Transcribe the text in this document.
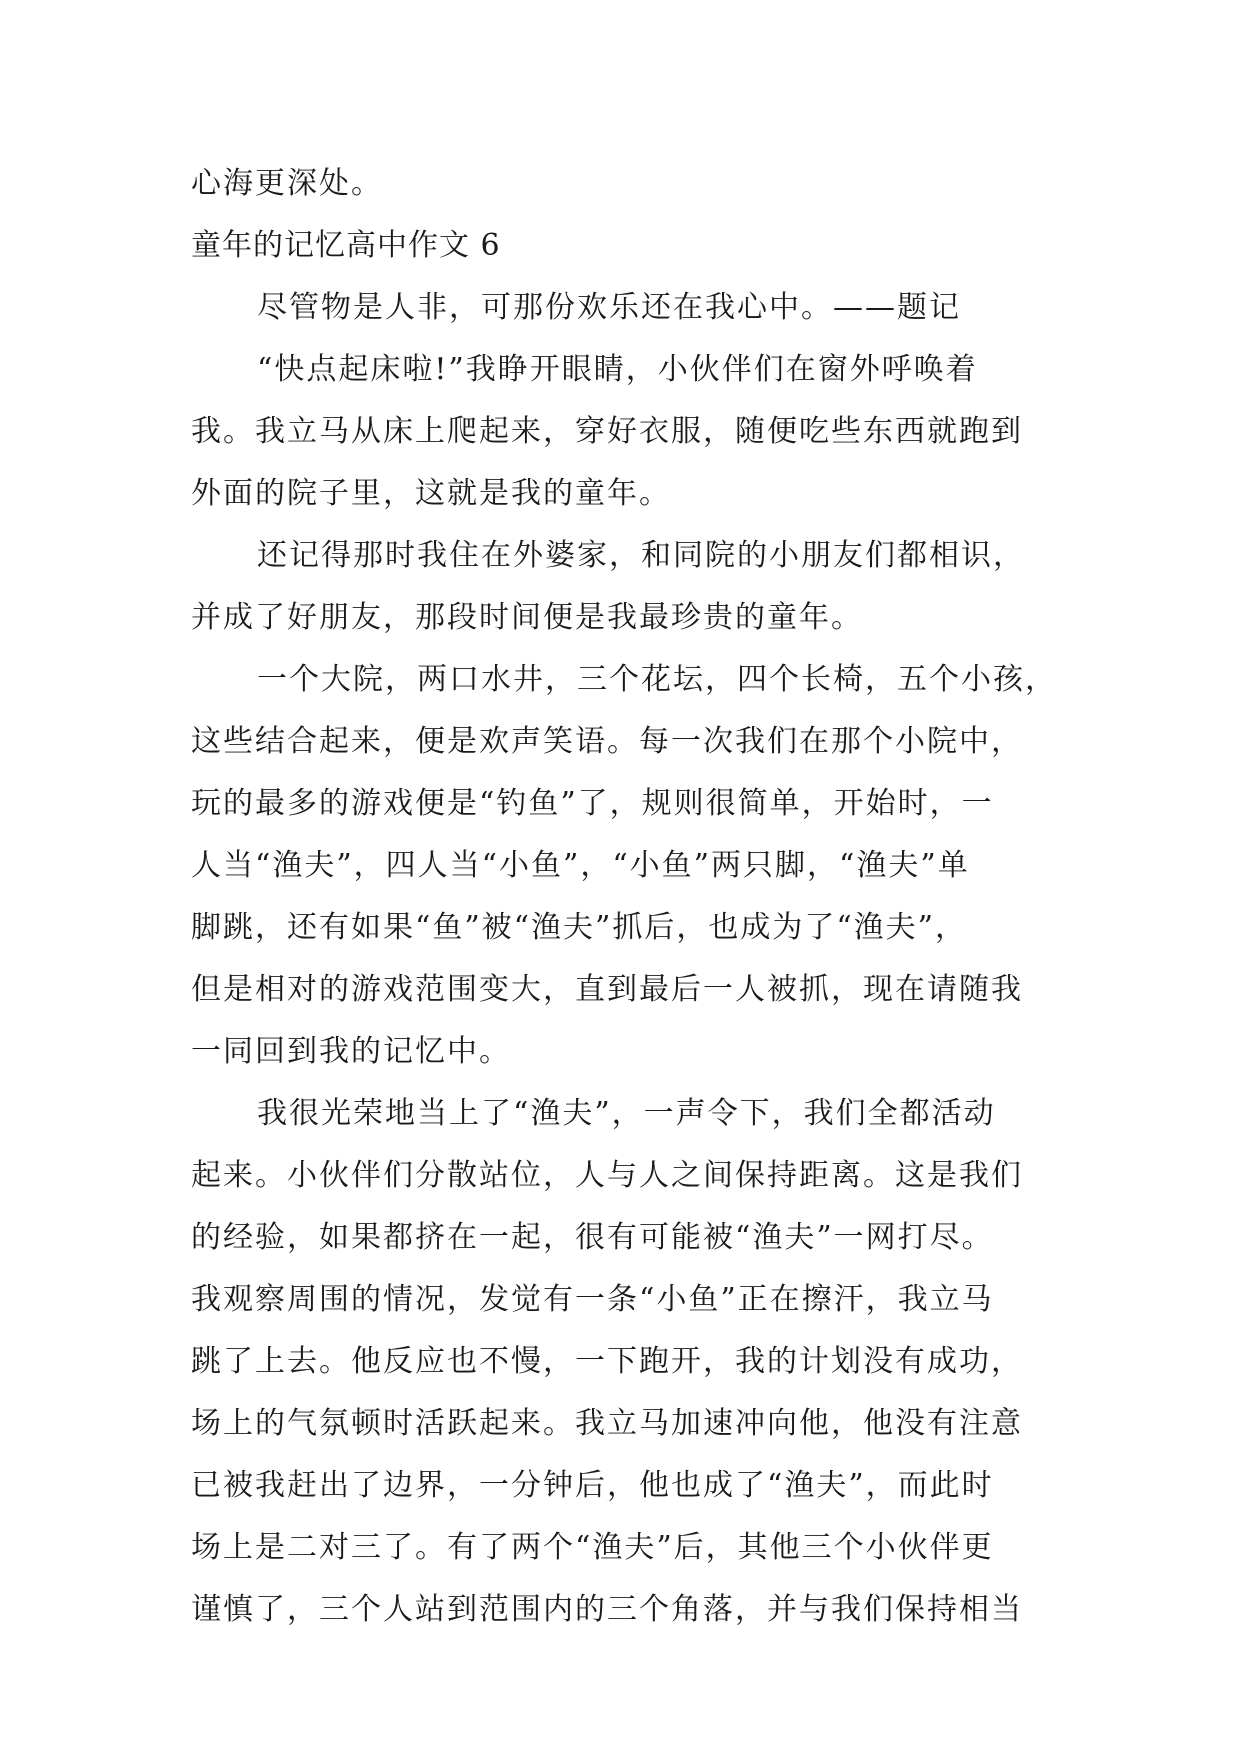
心海更深处。
童年的记忆高中作文 6
尽管物是人非，可那份欢乐还在我心中。——题记
“快点起床啦!”我睁开眼睛，小伙伴们在窗外呼唤着
我。我立马从床上爬起来，穿好衣服，随便吃些东西就跑到
外面的院子里，这就是我的童年。
还记得那时我住在外婆家，和同院的小朋友们都相识，
并成了好朋友，那段时间便是我最珍贵的童年。
一个大院，两口水井，三个花坛，四个长椅，五个小孩，
这些结合起来，便是欢声笑语。每一次我们在那个小院中，
玩的最多的游戏便是“钓鱼”了，规则很简单，开始时，一
人当“渔夫”，四人当“小鱼”，“小鱼”两只脚，“渔夫”单
脚跳，还有如果“鱼”被“渔夫”抓后，也成为了“渔夫”，
但是相对的游戏范围变大，直到最后一人被抓，现在请随我
一同回到我的记忆中。
我很光荣地当上了“渔夫”，一声令下，我们全都活动
起来。小伙伴们分散站位，人与人之间保持距离。这是我们
的经验，如果都挤在一起，很有可能被“渔夫”一网打尽。
我观察周围的情况，发觉有一条“小鱼”正在擦汗，我立马
跳了上去。他反应也不慢，一下跑开，我的计划没有成功，
场上的气氛顿时活跃起来。我立马加速冲向他，他没有注意
已被我赶出了边界，一分钟后，他也成了“渔夫”，而此时
场上是二对三了。有了两个“渔夫”后，其他三个小伙伴更
谨慎了，三个人站到范围内的三个角落，并与我们保持相当
